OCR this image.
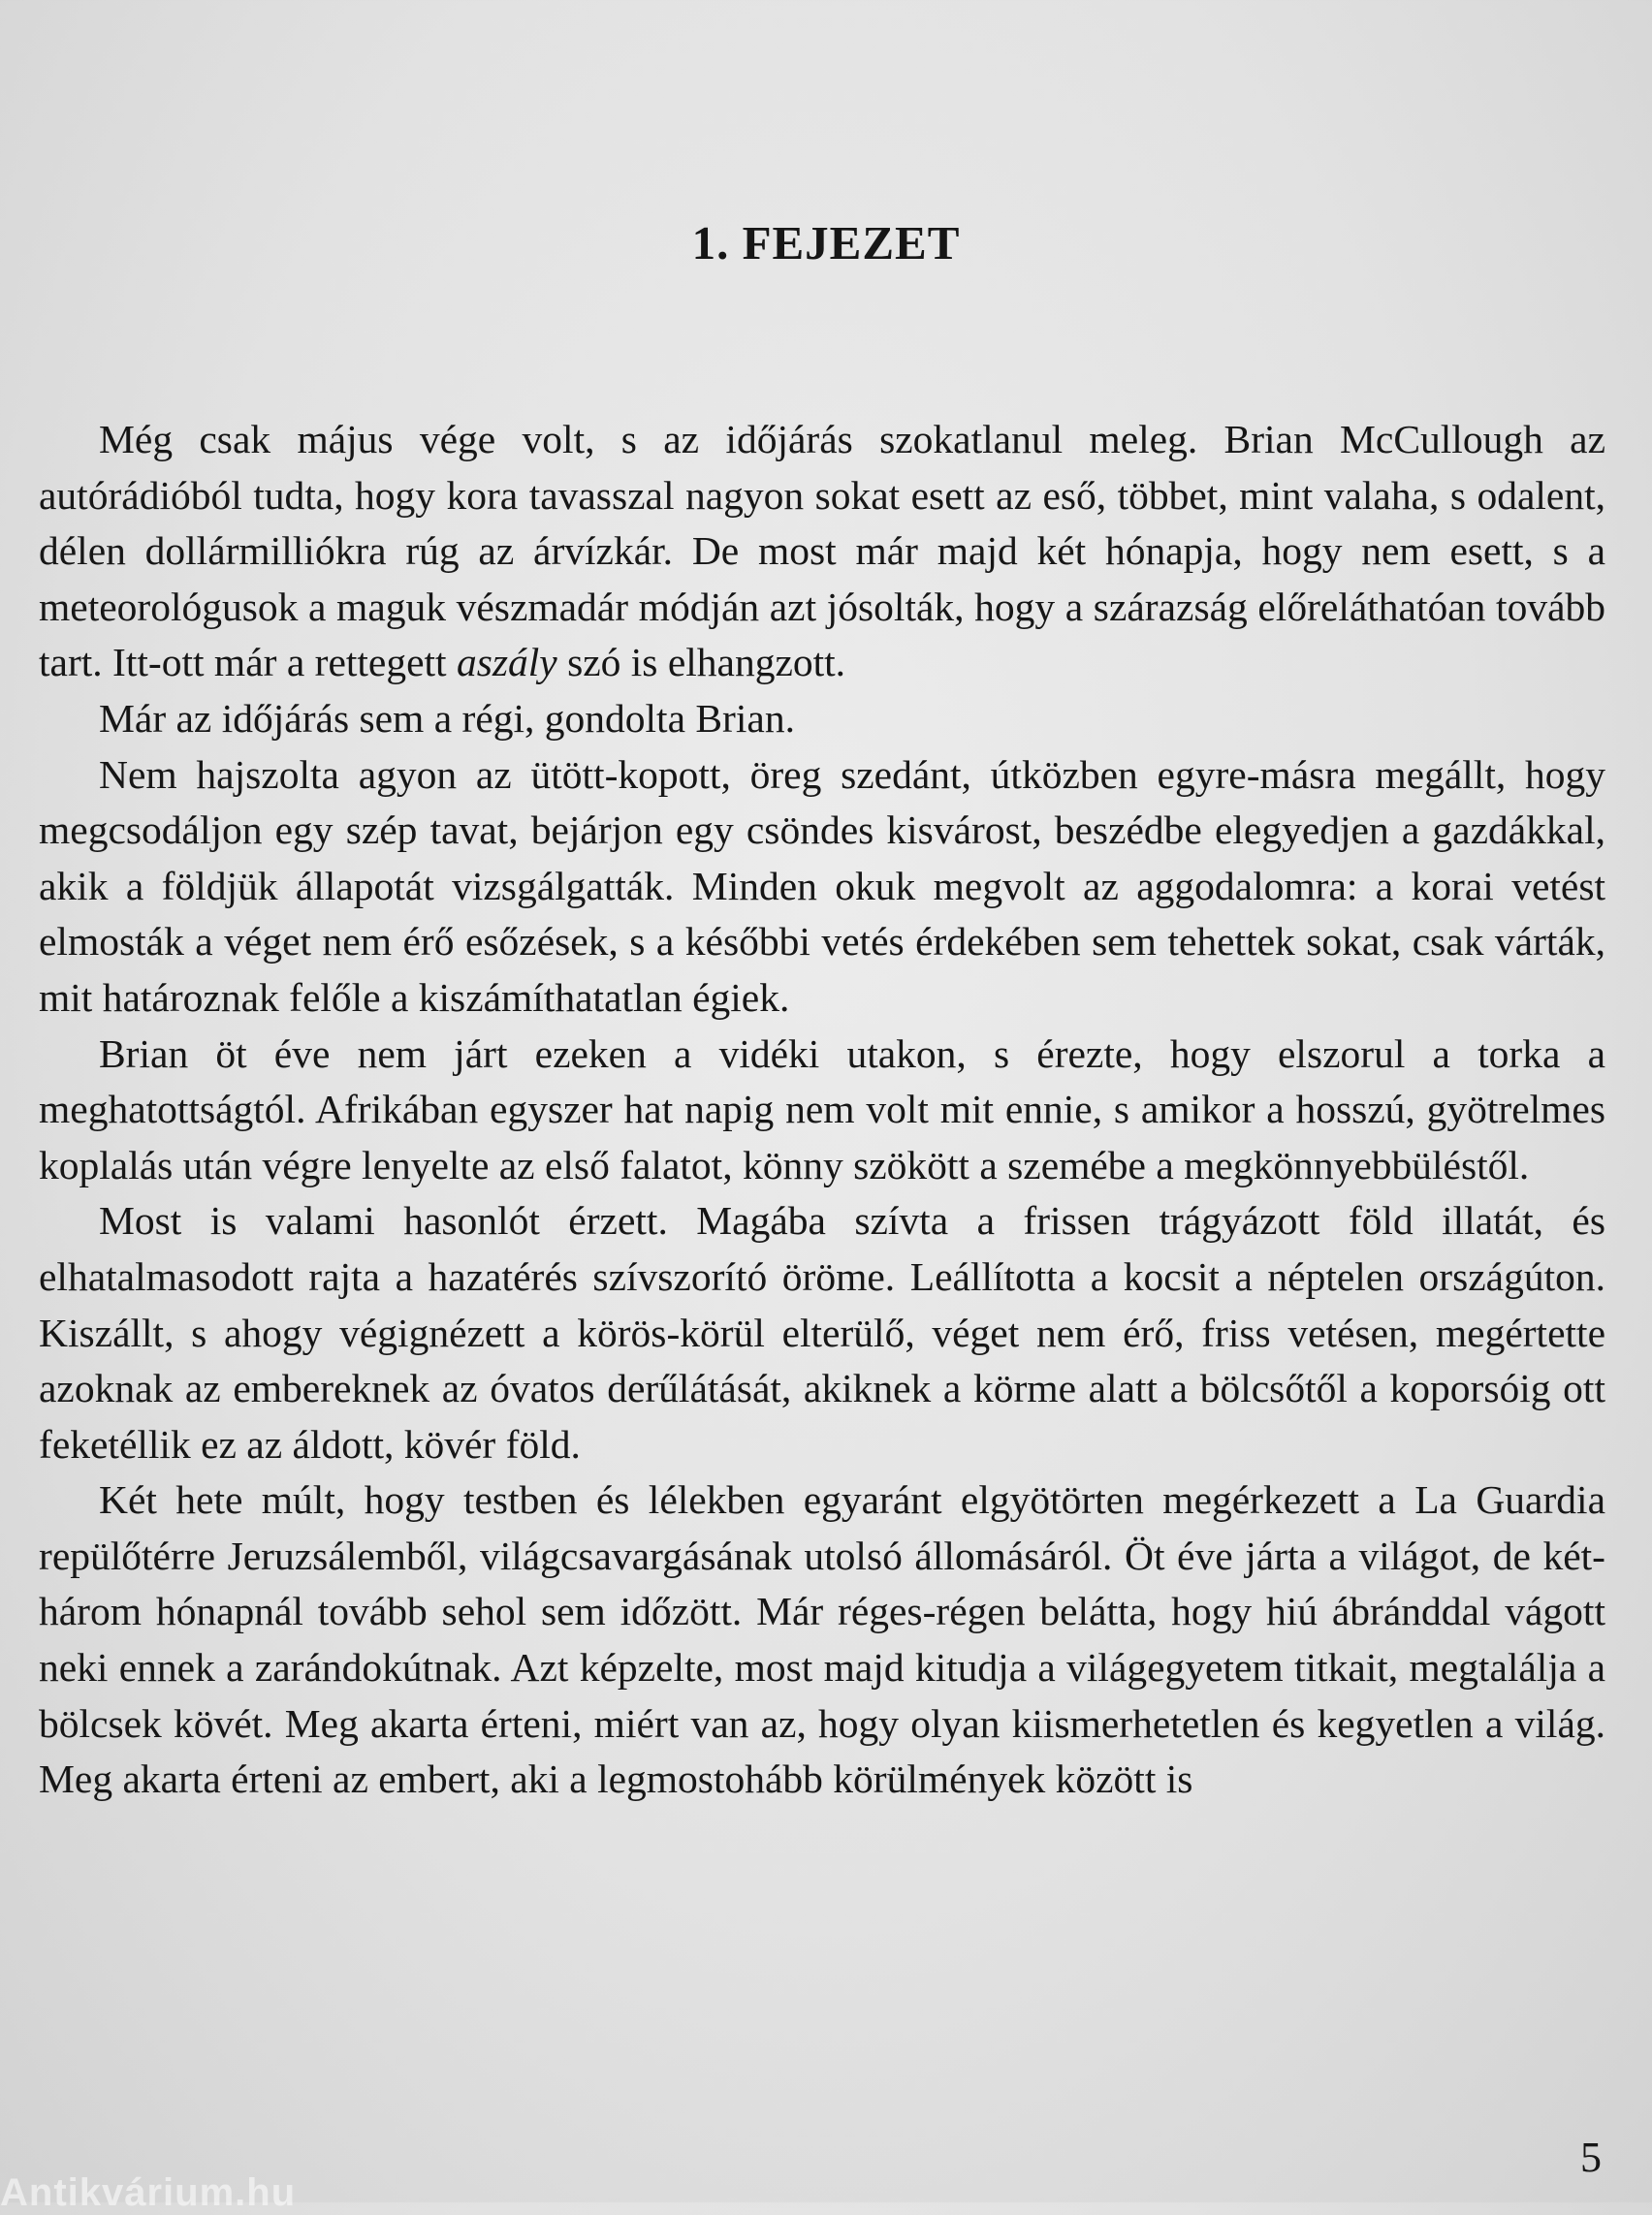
1. FEJEZET

Még csak május vége volt, s az időjárás szokatlanul meleg. Brian McCullough az autórádióból tudta, hogy kora tavasszal nagyon sokat esett az eső, többet, mint valaha, s odalent, délen dollármilliókra rúg az árvízkár. De most már majd két hónapja, hogy nem esett, s a meteorológusok a maguk vészmadár módján azt jósolták, hogy a szárazság előreláthatóan tovább tart. Itt-ott már a rettegett aszály szó is elhangzott.

Már az időjárás sem a régi, gondolta Brian.

Nem hajszolta agyon az ütött-kopott, öreg szedánt, útközben egyre-másra megállt, hogy megcsodáljon egy szép tavat, bejárjon egy csöndes kisvárost, beszédbe elegyedjen a gazdákkal, akik a földjük állapotát vizsgálgatták. Minden okuk megvolt az aggodalomra: a korai vetést elmosták a véget nem érő esőzések, s a későbbi vetés érdekében sem tehettek sokat, csak várták, mit határoznak felőle a kiszámíthatatlan égiek.

Brian öt éve nem járt ezeken a vidéki utakon, s érezte, hogy elszorul a torka a meghatottságtól. Afrikában egyszer hat napig nem volt mit ennie, s amikor a hosszú, gyötrelmes koplalás után végre lenyelte az első falatot, könny szökött a szemébe a megkönnyebbüléstől.

Most is valami hasonlót érzett. Magába szívta a frissen trágyázott föld illatát, és elhatalmasodott rajta a hazatérés szívszorító öröme. Leállította a kocsit a néptelen országúton. Kiszállt, s ahogy végignézett a körös-körül elterülő, véget nem érő, friss vetésen, megértette azoknak az embereknek az óvatos derűlátását, akiknek a körme alatt a bölcsőtől a koporsóig ott feketéllik ez az áldott, kövér föld.

Két hete múlt, hogy testben és lélekben egyaránt elgyötörten megérkezett a La Guardia repülőtérre Jeruzsálemből, világcsavargásának utolsó állomásáról. Öt éve járta a világot, de két-három hónapnál tovább sehol sem időzött. Már réges-régen belátta, hogy hiú ábránddal vágott neki ennek a zarándokútnak. Azt képzelte, most majd kitudja a világegyetem titkait, megtalálja a bölcsek kövét. Meg akarta érteni, miért van az, hogy olyan kiismerhetetlen és kegyetlen a világ. Meg akarta érteni az embert, aki a legmostohább körülmények között is

5
Antikvárium.hu
